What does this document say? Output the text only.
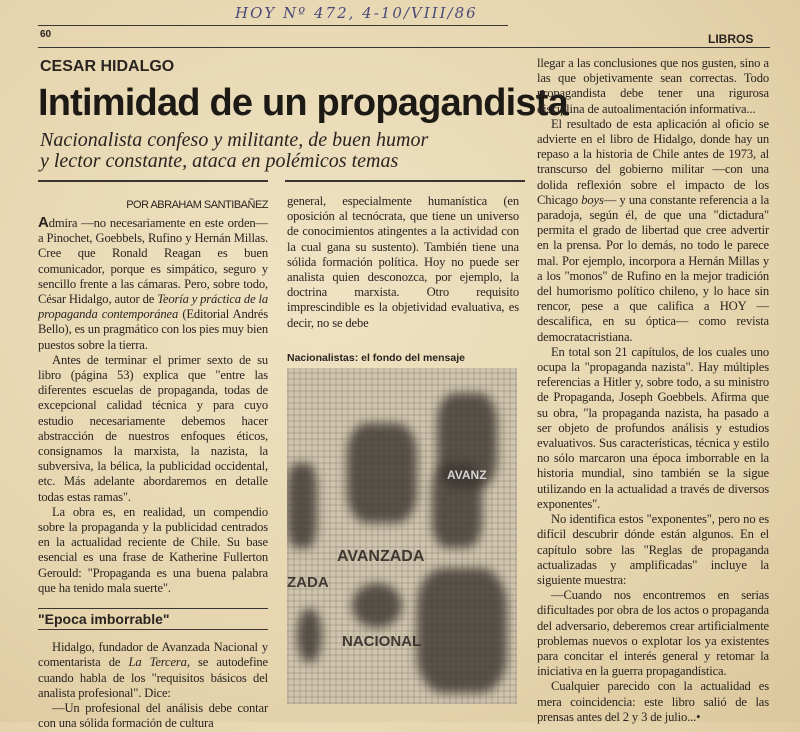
HOY Nº 472, 4-10/VIII/86
60	LIBROS
CESAR HIDALGO
Intimidad de un propagandista
Nacionalista confeso y militante, de buen humor
y lector constante, ataca en polémicos temas
POR ABRAHAM SANTIBAÑEZ

Admira —no necesariamente en este orden— a Pinochet, Goebbels, Rufino y Hernán Millas. Cree que Ronald Reagan es buen comunicador, porque es simpático, seguro y sencillo frente a las cámaras. Pero, sobre todo, César Hidalgo, autor de Teoría y práctica de la propaganda contemporánea (Editorial Andrés Bello), es un pragmático con los pies muy bien puestos sobre la tierra.

Antes de terminar el primer sexto de su libro (página 53) explica que "entre las diferentes escuelas de propaganda, todas de excepcional calidad técnica y para cuyo estudio necesariamente debemos hacer abstracción de nuestros enfoques éticos, consignamos la marxista, la nazista, la subversiva, la bélica, la publicidad occidental, etc. Más adelante abordaremos en detalle todas estas ramas".

La obra es, en realidad, un compendio sobre la propaganda y la publicidad centrados en la actualidad reciente de Chile. Su base esencial es una frase de Katherine Fullerton Gerould: "Propaganda es una buena palabra que ha tenido mala suerte".

"Epoca imborrable"

Hidalgo, fundador de Avanzada Nacional y comentarista de La Tercera, se autodefine cuando habla de los "requisitos básicos del analista profesional". Dice:

—Un profesional del análisis debe contar con una sólida formación de cultura

general, especialmente humanística (en oposición al tecnócrata, que tiene un universo de conocimientos atingentes a la actividad con la cual gana su sustento). También tiene una sólida formación política. Hoy no puede ser analista quien desconozca, por ejemplo, la doctrina marxista. Otro requisito imprescindible es la objetividad evaluativa, es decir, no se debe

Nacionalistas: el fondo del mensaje
AVANZADA
ZADA
NACIONAL
AVANZ

llegar a las conclusiones que nos gusten, sino a las que objetivamente sean correctas. Todo propagandista debe tener una rigurosa disciplina de autoalimentación informativa...

El resultado de esta aplicación al oficio se advierte en el libro de Hidalgo, donde hay un repaso a la historia de Chile antes de 1973, al transcurso del gobierno militar —con una dolida reflexión sobre el impacto de los Chicago boys— y una constante referencia a la paradoja, según él, de que una "dictadura" permita el grado de libertad que cree advertir en la prensa. Por lo demás, no todo le parece mal. Por ejemplo, incorpora a Hernán Millas y a los "monos" de Rufino en la mejor tradición del humorismo político chileno, y lo hace sin rencor, pese a que califica a HOY —descalifica, en su óptica— como revista democratacristiana.

En total son 21 capítulos, de los cuales uno ocupa la "propaganda nazista". Hay múltiples referencias a Hitler y, sobre todo, a su ministro de Propaganda, Joseph Goebbels. Afirma que su obra, "la propaganda nazista, ha pasado a ser objeto de profundos análisis y estudios evaluativos. Sus características, técnica y estilo no sólo marcaron una época imborrable en la historia mundial, sino también se la sigue utilizando en la actualidad a través de diversos exponentes".

No identifica estos "exponentes", pero no es difícil descubrir dónde están algunos. En el capítulo sobre las "Reglas de propaganda actualizadas y amplificadas" incluye la siguiente muestra:

—Cuando nos encontremos en serias dificultades por obra de los actos o propaganda del adversario, deberemos crear artificialmente problemas nuevos o explotar los ya existentes para concitar el interés general y retomar la iniciativa en la guerra propagandística.

Cualquier parecido con la actualidad es mera coincidencia: este libro salió de las prensas antes del 2 y 3 de julio...•
